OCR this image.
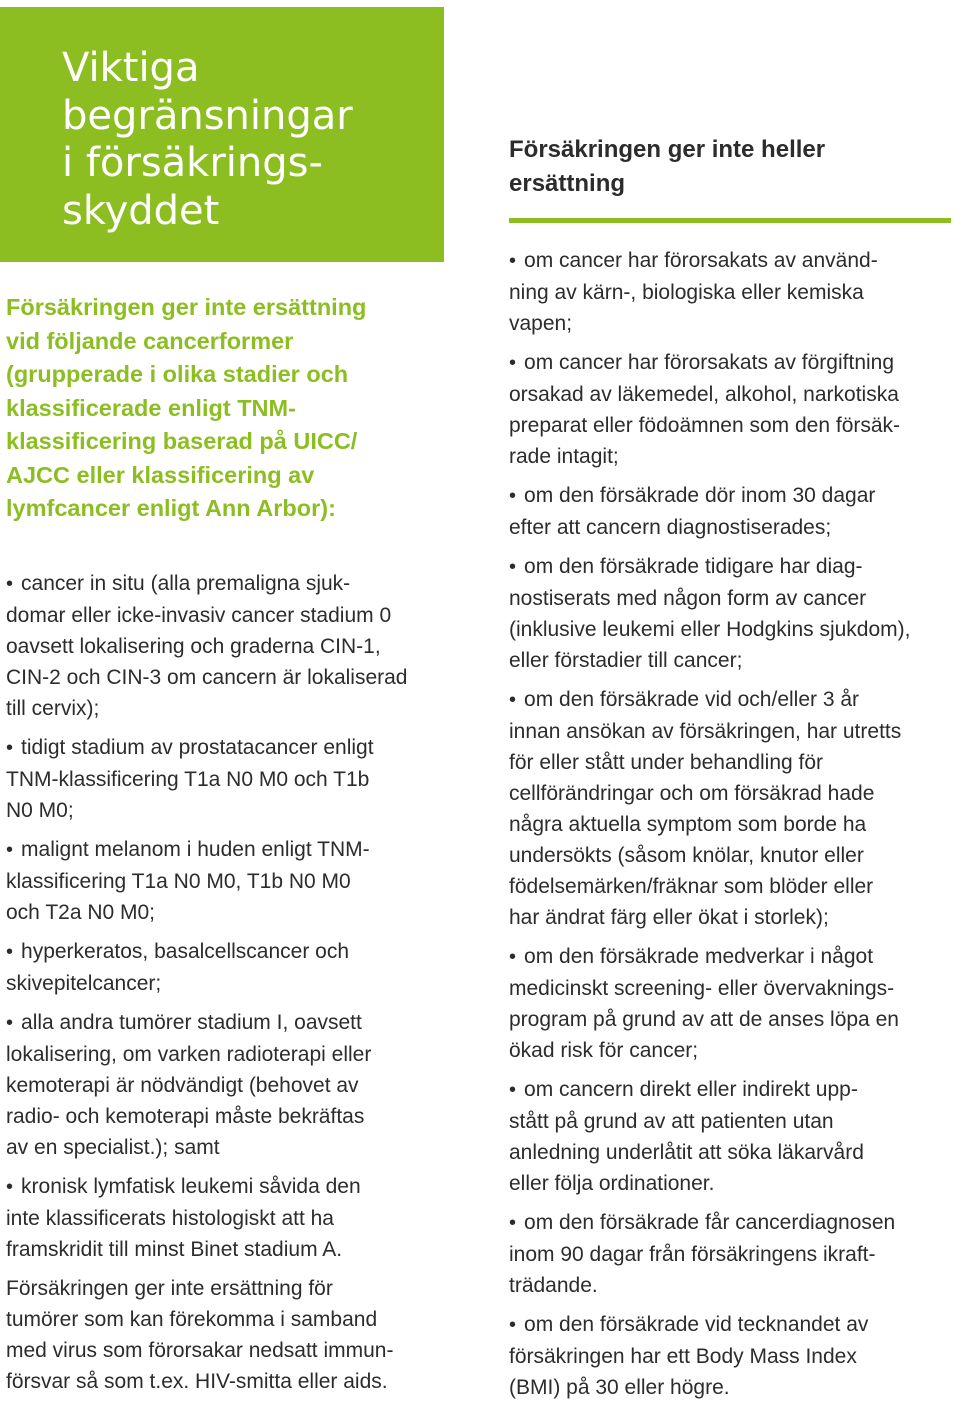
Viktiga
begränsningar
i försäkrings-
skyddet
Försäkringen ger inte ersättning
vid följande cancerformer
(grupperade i olika stadier och
klassificerade enligt TNM-
klassificering baserad på UICC/
AJCC eller klassificering av
lymfcancer enligt Ann Arbor):
• cancer in situ (alla premaligna sjuk-
domar eller icke-invasiv cancer stadium 0
oavsett lokalisering och graderna CIN-1,
CIN-2 och CIN-3 om cancern är lokaliserad
till cervix);
• tidigt stadium av prostatacancer enligt
TNM-klassificering T1a N0 M0 och T1b
N0 M0;
• malignt melanom i huden enligt TNM-
klassificering T1a N0 M0, T1b N0 M0
och T2a N0 M0;
• hyperkeratos, basalcellscancer och
skivepitelcancer;
• alla andra tumörer stadium I, oavsett
lokalisering, om varken radioterapi eller
kemoterapi är nödvändigt (behovet av
radio- och kemoterapi måste bekräftas
av en specialist.); samt
• kronisk lymfatisk leukemi såvida den
inte klassificerats histologiskt att ha
framskridit till minst Binet stadium A.

Försäkringen ger inte ersättning för
tumörer som kan förekomma i samband
med virus som förorsakar nedsatt immun-
försvar så som t.ex. HIV-smitta eller aids.

Försäkringen ger inte heller
ersättning
• om cancer har förorsakats av använd-
ning av kärn-, biologiska eller kemiska
vapen;
• om cancer har förorsakats av förgiftning
orsakad av läkemedel, alkohol, narkotiska
preparat eller födoämnen som den försäk-
rade intagit;
• om den försäkrade dör inom 30 dagar
efter att cancern diagnostiserades;
• om den försäkrade tidigare har diag-
nostiserats med någon form av cancer
(inklusive leukemi eller Hodgkins sjukdom),
eller förstadier till cancer;
• om den försäkrade vid och/eller 3 år
innan ansökan av försäkringen, har utretts
för eller stått under behandling för
cellförändringar och om försäkrad hade
några aktuella symptom som borde ha
undersökts (såsom knölar, knutor eller
födelsemärken/fräknar som blöder eller
har ändrat färg eller ökat i storlek);
• om den försäkrade medverkar i något
medicinskt screening- eller övervaknings-
program på grund av att de anses löpa en
ökad risk för cancer;
• om cancern direkt eller indirekt upp-
stått på grund av att patienten utan
anledning underlåtit att söka läkarvård
eller följa ordinationer.
• om den försäkrade får cancerdiagnosen
inom 90 dagar från försäkringens ikraft-
trädande.
• om den försäkrade vid tecknandet av
försäkringen har ett Body Mass Index
(BMI) på 30 eller högre.
